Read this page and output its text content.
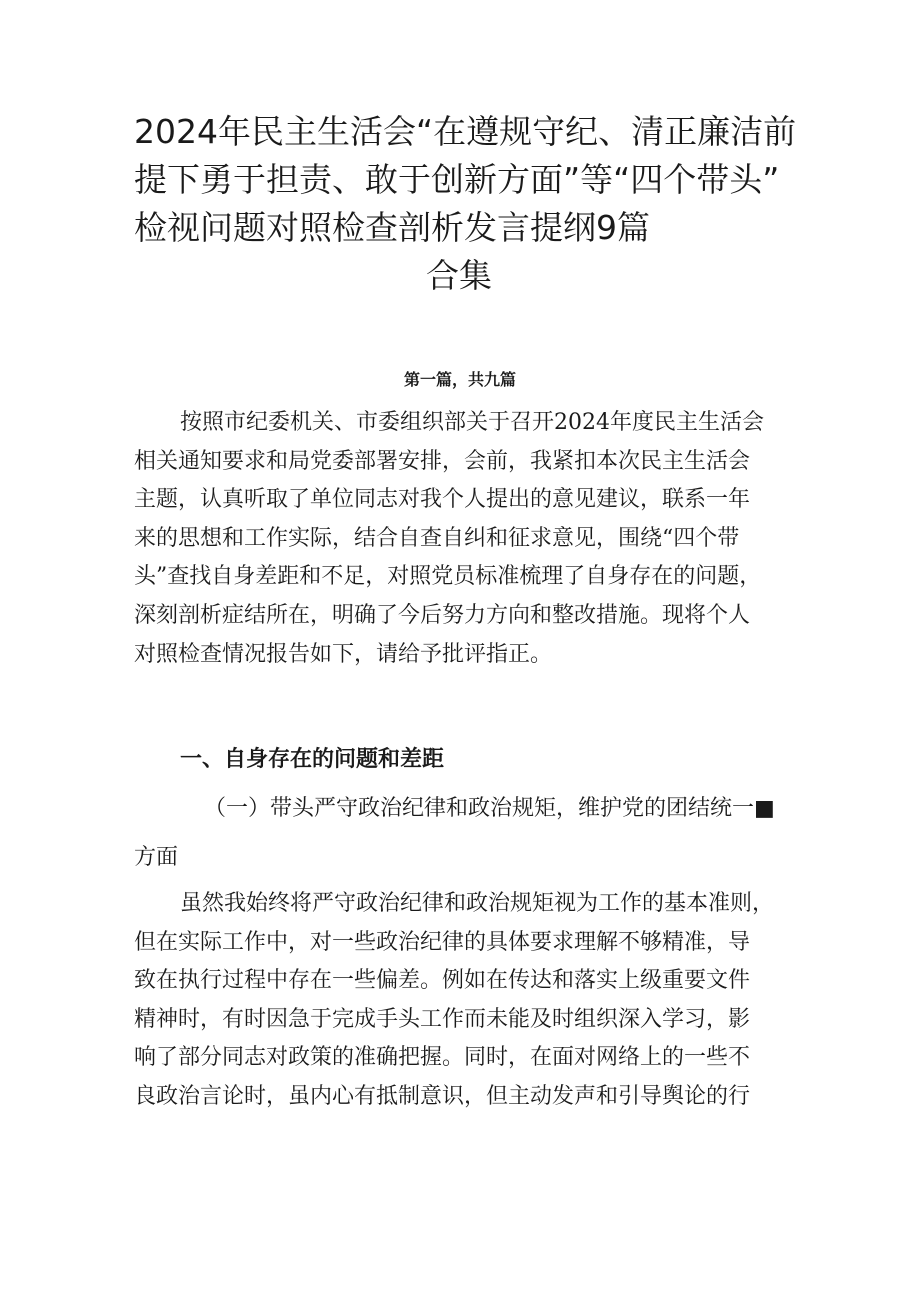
2024年民主生活会“在遵规守纪、清正廉洁前
提下勇于担责、敢于创新方面”等“四个带头”
检视问题对照检查剖析发言提纲9篇
合集
第一篇，共九篇
按照市纪委机关、市委组织部关于召开2024年度民主生活会
相关通知要求和局党委部署安排，会前，我紧扣本次民主生活会
主题，认真听取了单位同志对我个人提出的意见建议，联系一年
来的思想和工作实际，结合自查自纠和征求意见，围绕“四个带
头”查找自身差距和不足，对照党员标准梳理了自身存在的问题，
深刻剖析症结所在，明确了今后努力方向和整改措施。现将个人
对照检查情况报告如下，请给予批评指正。
一、自身存在的问题和差距
（一）带头严守政治纪律和政治规矩，维护党的团结统一■
方面
虽然我始终将严守政治纪律和政治规矩视为工作的基本准则，
但在实际工作中，对一些政治纪律的具体要求理解不够精准，导
致在执行过程中存在一些偏差。例如在传达和落实上级重要文件
精神时，有时因急于完成手头工作而未能及时组织深入学习，影
响了部分同志对政策的准确把握。同时，在面对网络上的一些不
良政治言论时，虽内心有抵制意识，但主动发声和引导舆论的行
